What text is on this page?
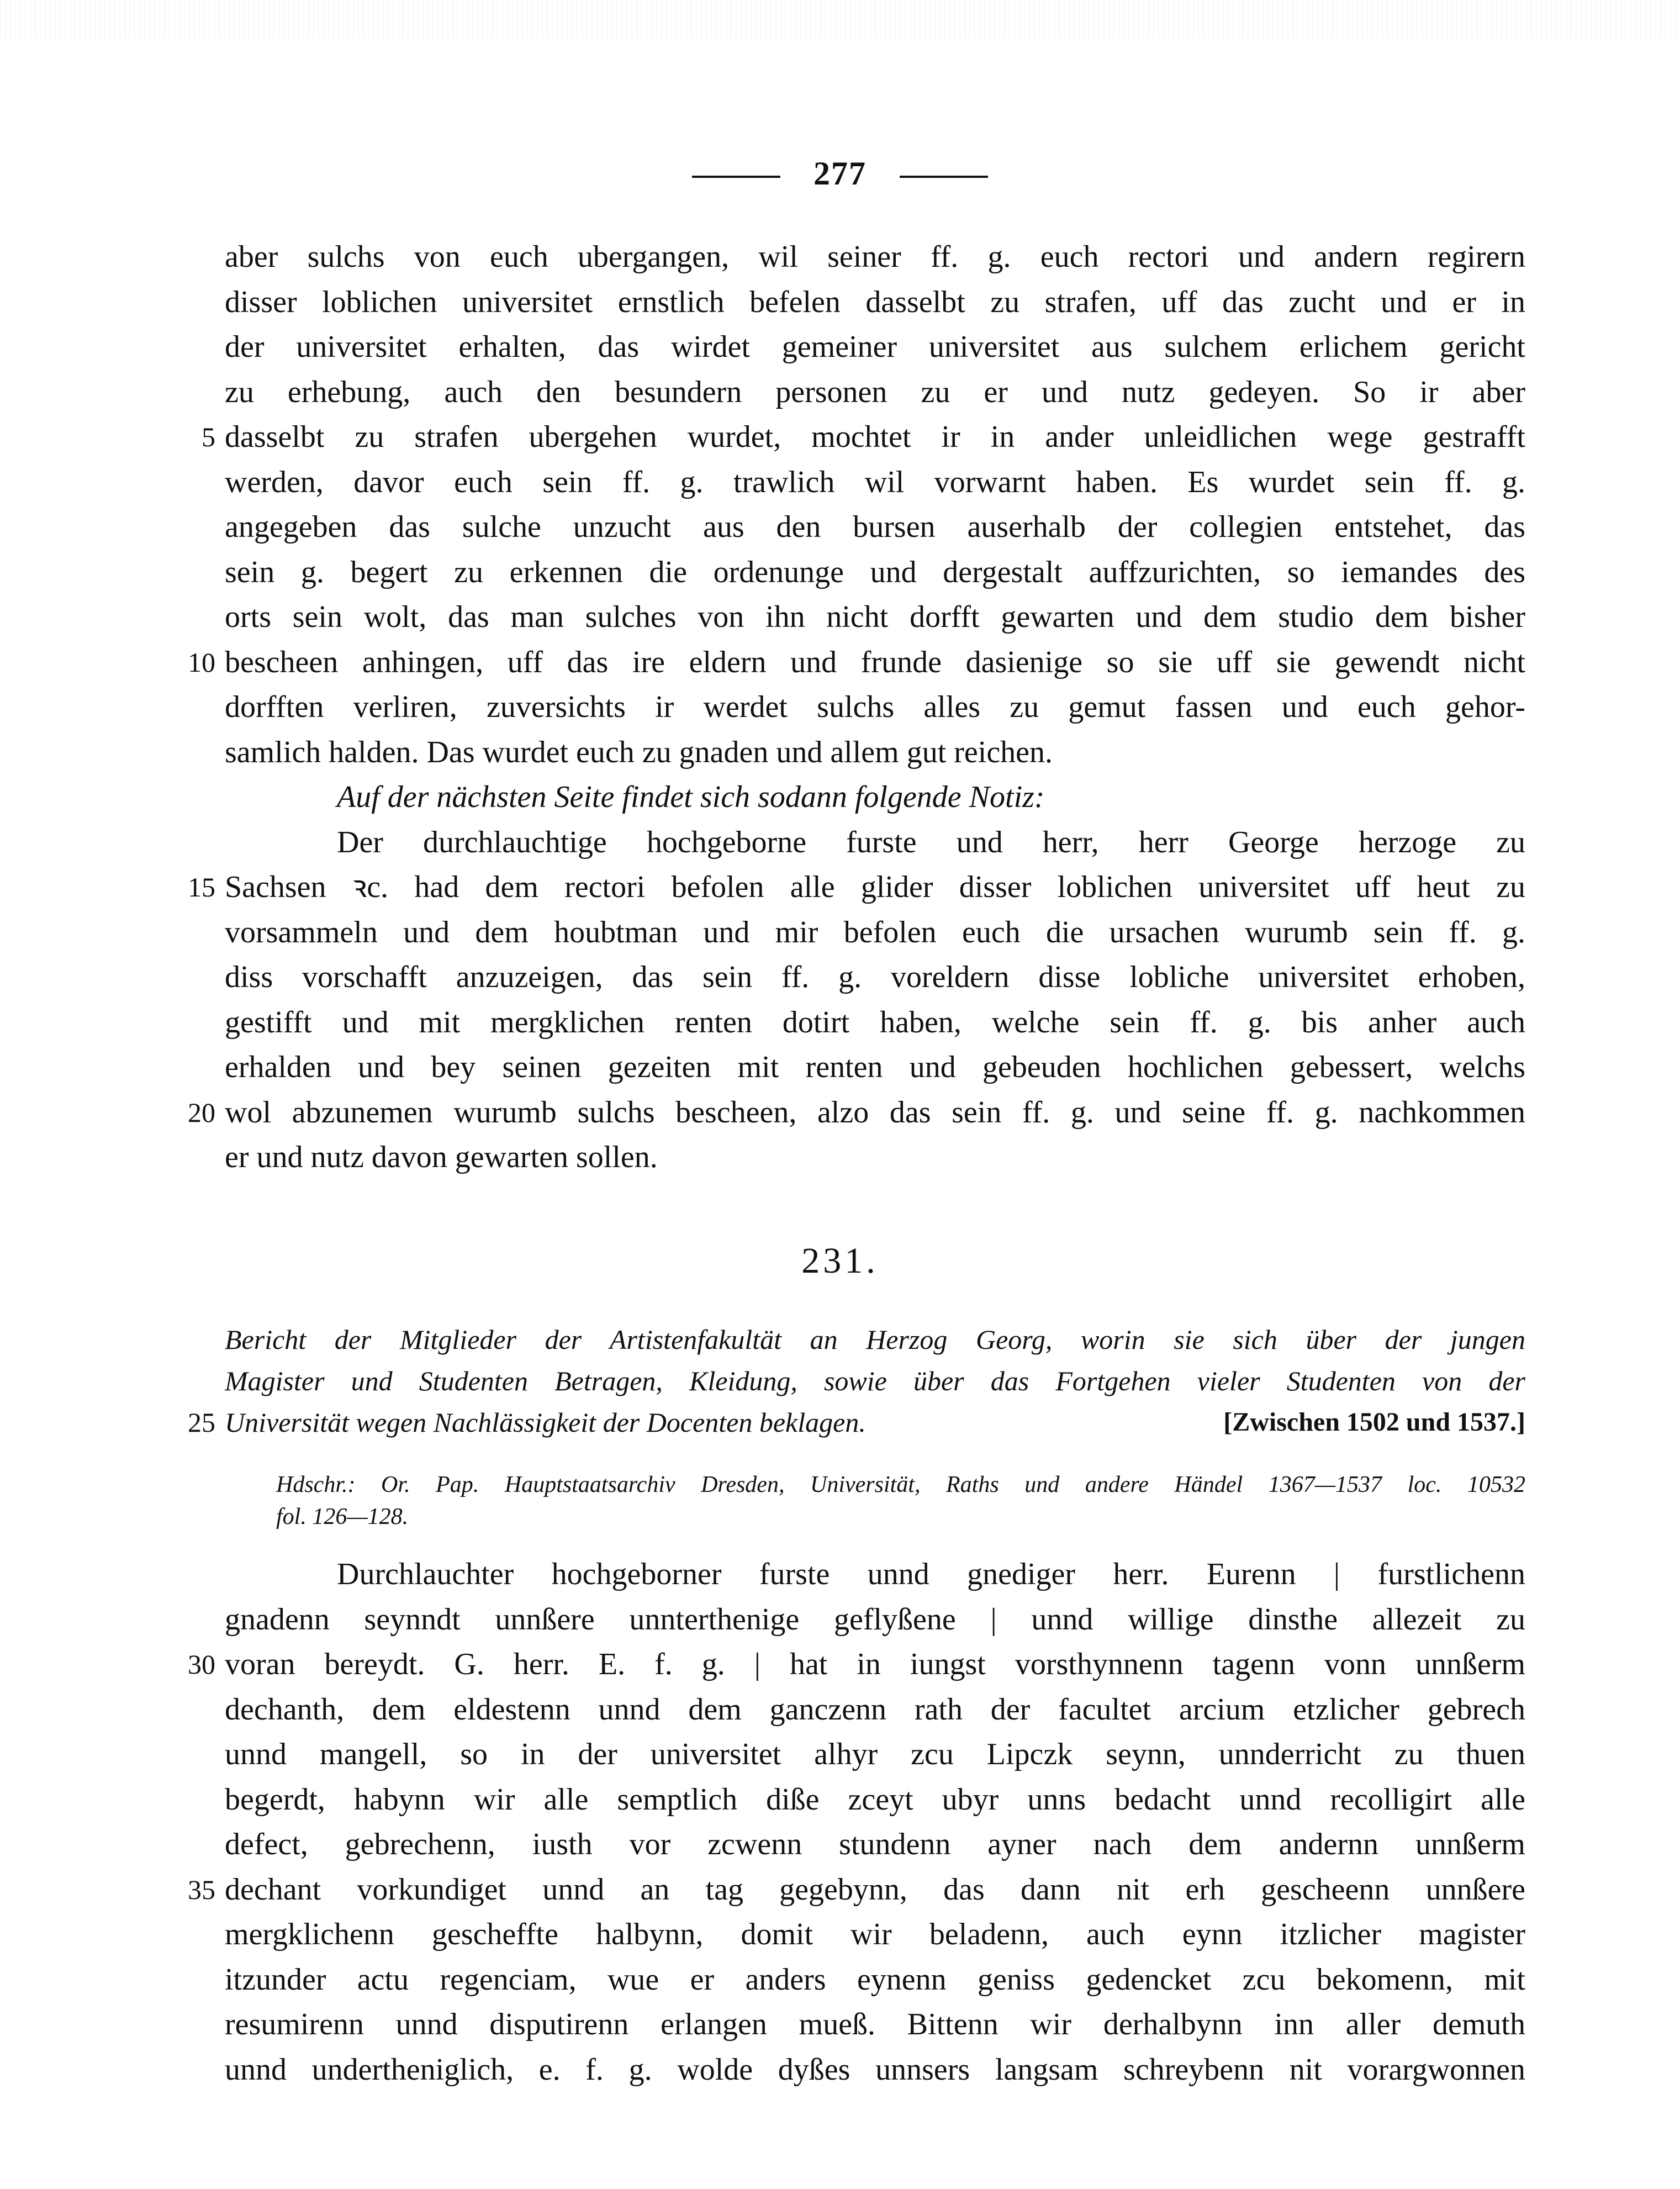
277
aber sulchs von euch ubergangen, wil seiner ff. g. euch rectori und andern regirern
disser loblichen universitet ernstlich befelen dasselbt zu strafen, uff das zucht und er in
der universitet erhalten, das wirdet gemeiner universitet aus sulchem erlichem gericht
zu erhebung, auch den besundern personen zu er und nutz gedeyen. So ir aber
5 dasselbt zu strafen ubergehen wurdet, mochtet ir in ander unleidlichen wege gestrafft
werden, davor euch sein ff. g. trawlich wil vorwarnt haben. Es wurdet sein ff. g.
angegeben das sulche unzucht aus den bursen auserhalb der collegien entstehet, das
sein g. begert zu erkennen die ordenunge und dergestalt auffzurichten, so iemandes des
orts sein wolt, das man sulches von ihn nicht dorfft gewarten und dem studio dem bisher
10 bescheen anhingen, uff das ire eldern und frunde dasienige so sie uff sie gewendt nicht
dorfften verliren, zuversichts ir werdet sulchs alles zu gemut fassen und euch gehor-
samlich halden. Das wurdet euch zu gnaden und allem gut reichen.
Auf der nächsten Seite findet sich sodann folgende Notiz:
Der durchlauchtige hochgeborne furste und herr, herr George herzoge zu
15 Sachsen ꝛc. had dem rectori befolen alle glider disser loblichen universitet uff heut zu
vorsammeln und dem houbtman und mir befolen euch die ursachen wurumb sein ff. g.
diss vorschafft anzuzeigen, das sein ff. g. voreldern disse lobliche universitet erhoben,
gestifft und mit mergklichen renten dotirt haben, welche sein ff. g. bis anher auch
erhalden und bey seinen gezeiten mit renten und gebeuden hochlichen gebessert, welchs
20 wol abzunemen wurumb sulchs bescheen, alzo das sein ff. g. und seine ff. g. nachkommen
er und nutz davon gewarten sollen.
231.
Bericht der Mitglieder der Artistenfakultät an Herzog Georg, worin sie sich über der jungen
Magister und Studenten Betragen, Kleidung, sowie über das Fortgehen vieler Studenten von der
25 Universität wegen Nachlässigkeit der Docenten beklagen.	[Zwischen 1502 und 1537.]
Hdschr.: Or. Pap. Hauptstaatsarchiv Dresden, Universität, Raths und andere Händel 1367—1537 loc. 10532
fol. 126—128.
Durchlauchter hochgeborner furste unnd gnediger herr. Eurenn | furstlichenn
gnadenn seynndt unnßere unnterthenige geflyßene | unnd willige dinsthe allezeit zu
30 voran bereydt. G. herr. E. f. g. | hat in iungst vorsthynnenn tagenn vonn unnßerm
dechanth, dem eldestenn unnd dem ganczenn rath der facultet arcium etzlicher gebrech
unnd mangell, so in der universitet alhyr zcu Lipczk seynn, unnderricht zu thuen
begerdt, habynn wir alle semptlich diße zceyt ubyr unns bedacht unnd recolligirt alle
defect, gebrechenn, iusth vor zcwenn stundenn ayner nach dem andernn unnßerm
35 dechant vorkundiget unnd an tag gegebynn, das dann nit erh gescheenn unnßere
mergklichenn gescheffte halbynn, domit wir beladenn, auch eynn itzlicher magister
itzunder actu regenciam, wue er anders eynenn geniss gedencket zcu bekomenn, mit
resumirenn unnd disputirenn erlangen mueß. Bittenn wir derhalbynn inn aller demuth
unnd undertheniglich, e. f. g. wolde dyßes unnsers langsam schreybenn nit vorargwonnen
